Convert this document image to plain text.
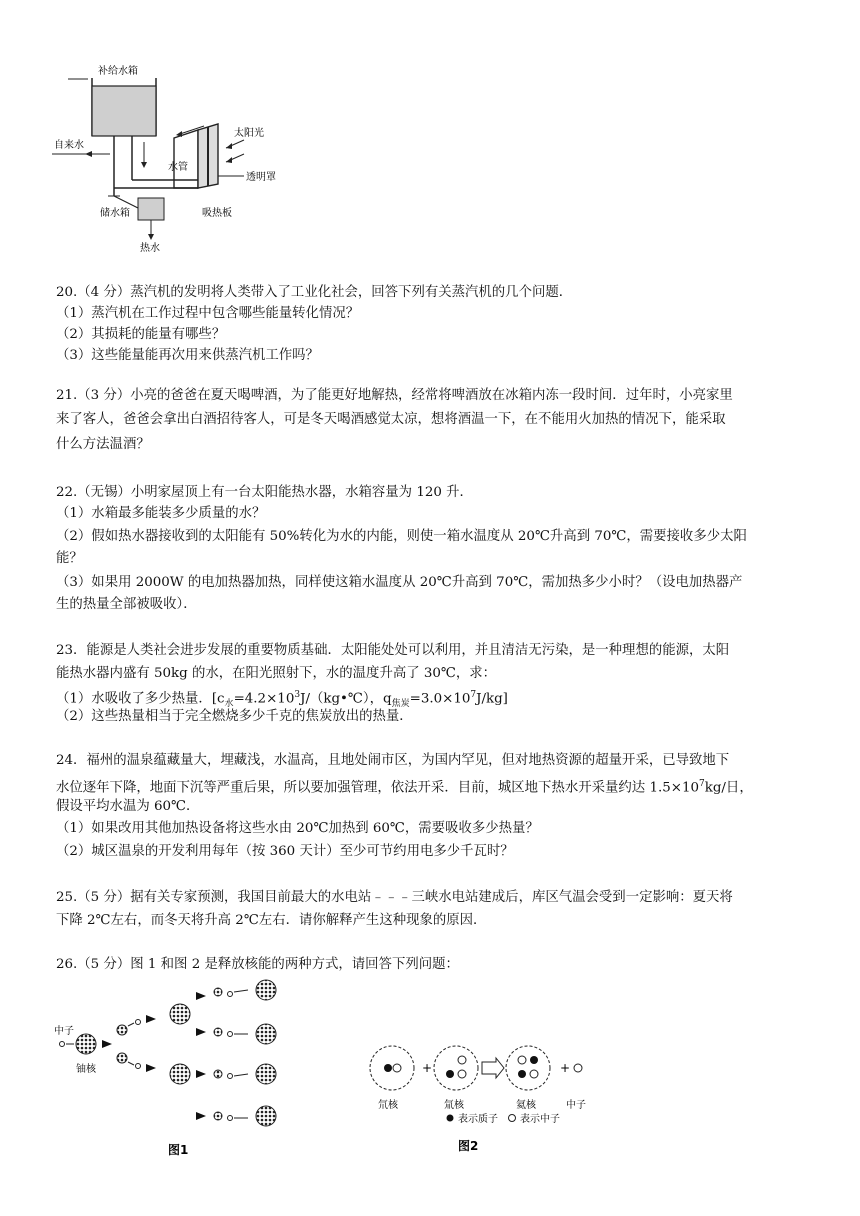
补给水箱
自来水
水管
太阳光
透明罩
储水箱	吸热板
热水
20.（4 分）蒸汽机的发明将人类带入了工业化社会，回答下列有关蒸汽机的几个问题．
（1）蒸汽机在工作过程中包含哪些能量转化情况？
（2）其损耗的能量有哪些？
（3）这些能量能再次用来供蒸汽机工作吗？
21.（3 分）小亮的爸爸在夏天喝啤酒，为了能更好地解热，经常将啤酒放在冰箱内冻一段时间．过年时，小亮家里
来了客人，爸爸会拿出白酒招待客人，可是冬天喝酒感觉太凉，想将酒温一下，在不能用火加热的情况下，能采取
什么方法温酒？
22.（无锡）小明家屋顶上有一台太阳能热水器，水箱容量为 120 升．
（1）水箱最多能装多少质量的水？
（2）假如热水器接收到的太阳能有 50%转化为水的内能，则使一箱水温度从 20℃升高到 70℃，需要接收多少太阳
能？
（3）如果用 2000W 的电加热器加热，同样使这箱水温度从 20℃升高到 70℃，需加热多少小时？（设电加热器产
生的热量全部被吸收）．
23．能源是人类社会进步发展的重要物质基础．太阳能处处可以利用，并且清洁无污染，是一种理想的能源，太阳
能热水器内盛有 50kg 的水，在阳光照射下，水的温度升高了 30℃，求：
（1）水吸收了多少热量．[$c_水=4.2\times 10^3J/(kg•℃)$，$q_{焦炭}=3.0\times 10^7J/kg$]
（2）这些热量相当于完全燃烧多少千克的焦炭放出的热量．
24．福州的温泉蕴藏量大，埋藏浅，水温高，且地处闹市区，为国内罕见，但对地热资源的超量开采，已导致地下
水位逐年下降，地面下沉等严重后果，所以要加强管理，依法开采．目前，城区地下热水开采量约达 $1.5\times 10^7kg/$日，
假设平均水温为 60℃．
（1）如果改用其他加热设备将这些水由 20℃加热到 60℃，需要吸收多少热量？
（2）城区温泉的开发利用每年（按 360 天计）至少可节约用电多少千瓦时？
25.（5 分）据有关专家预测，我国目前最大的水电站﹣﹣﹣三峡水电站建成后，库区气温会受到一定影响：夏天将
下降 2℃左右，而冬天将升高 2℃左右．请你解释产生这种现象的原因．
26.（5 分）图 1 和图 2 是释放核能的两种方式，请回答下列问题：
中子
铀核
图1
+	+
氘核	氚核	氦核	中子
表示质子 表示中子
图2
